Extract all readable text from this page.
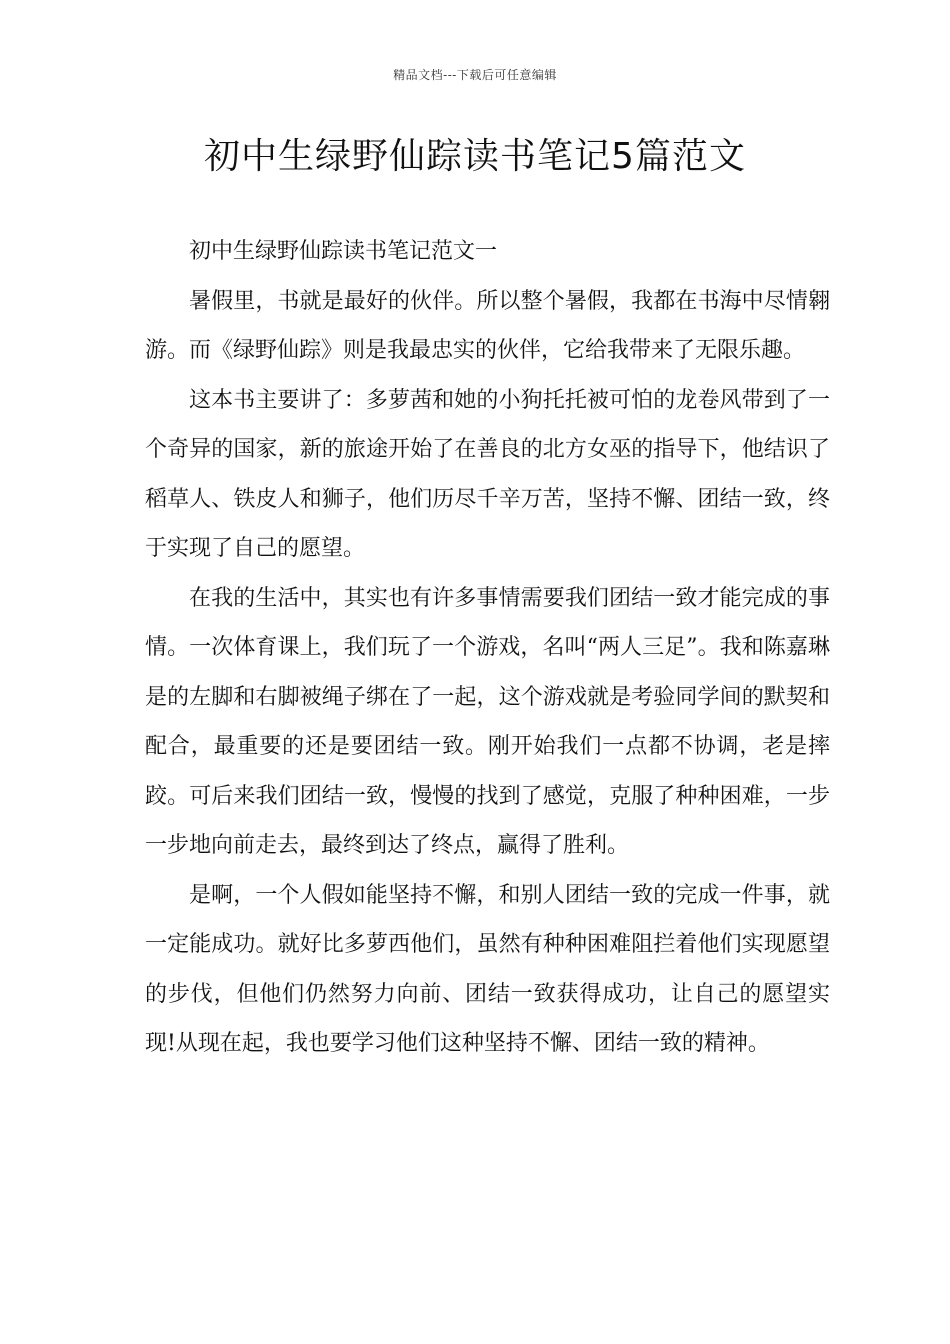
精品文档---下载后可任意编辑
初中生绿野仙踪读书笔记5篇范文

初中生绿野仙踪读书笔记范文一

暑假里，书就是最好的伙伴。所以整个暑假，我都在书海中尽情翱游。而《绿野仙踪》则是我最忠实的伙伴，它给我带来了无限乐趣。

这本书主要讲了：多萝茜和她的小狗托托被可怕的龙卷风带到了一个奇异的国家，新的旅途开始了在善良的北方女巫的指导下，他结识了稻草人、铁皮人和狮子，他们历尽千辛万苦，坚持不懈、团结一致，终于实现了自己的愿望。

在我的生活中，其实也有许多事情需要我们团结一致才能完成的事情。一次体育课上，我们玩了一个游戏，名叫“两人三足”。我和陈嘉琳是的左脚和右脚被绳子绑在了一起，这个游戏就是考验同学间的默契和配合，最重要的还是要团结一致。刚开始我们一点都不协调，老是摔跤。可后来我们团结一致，慢慢的找到了感觉，克服了种种困难，一步一步地向前走去，最终到达了终点，赢得了胜利。

是啊，一个人假如能坚持不懈，和别人团结一致的完成一件事，就一定能成功。就好比多萝西他们，虽然有种种困难阻拦着他们实现愿望的步伐，但他们仍然努力向前、团结一致获得成功，让自己的愿望实现!从现在起，我也要学习他们这种坚持不懈、团结一致的精神。
